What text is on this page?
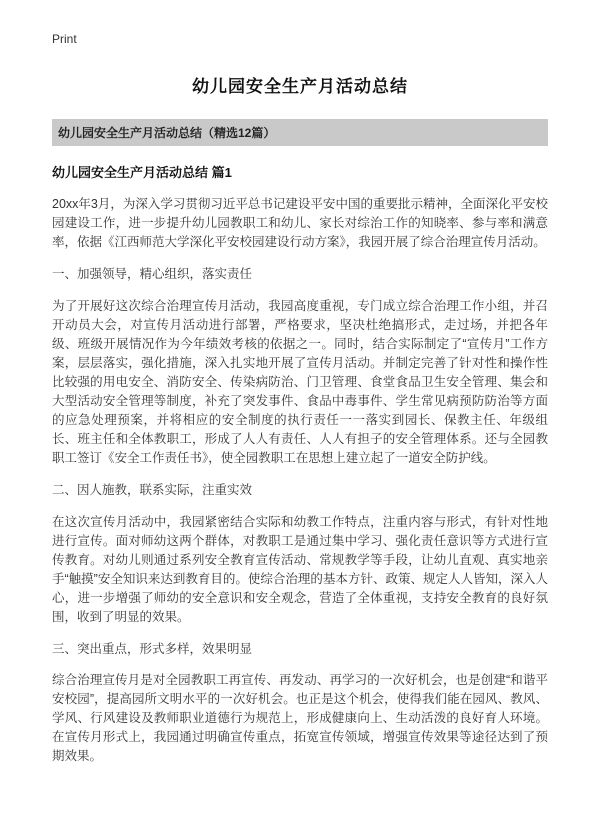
Print
幼儿园安全生产月活动总结
幼儿园安全生产月活动总结（精选12篇）
幼儿园安全生产月活动总结 篇1

20xx年3月，为深入学习贯彻习近平总书记建设平安中国的重要批示精神，全面深化平安校园建设工作，进一步提升幼儿园教职工和幼儿、家长对综治工作的知晓率、参与率和满意率，依据《江西师范大学深化平安校园建设行动方案》，我园开展了综合治理宣传月活动。

一、加强领导，精心组织，落实责任

为了开展好这次综合治理宣传月活动，我园高度重视，专门成立综合治理工作小组，并召开动员大会，对宣传月活动进行部署，严格要求，坚决杜绝搞形式，走过场，并把各年级、班级开展情况作为今年绩效考核的依据之一。同时，结合实际制定了“宣传月”工作方案，层层落实，强化措施，深入扎实地开展了宣传月活动。并制定完善了针对性和操作性比较强的用电安全、消防安全、传染病防治、门卫管理、食堂食品卫生安全管理、集会和大型活动安全管理等制度，补充了突发事件、食品中毒事件、学生常见病预防防治等方面的应急处理预案，并将相应的安全制度的执行责任一一落实到园长、保教主任、年级组长、班主任和全体教职工，形成了人人有责任、人人有担子的安全管理体系。还与全园教职工签订《安全工作责任书》，使全园教职工在思想上建立起了一道安全防护线。

二、因人施教，联系实际，注重实效

在这次宣传月活动中，我园紧密结合实际和幼教工作特点，注重内容与形式，有针对性地进行宣传。面对师幼这两个群体，对教职工是通过集中学习、强化责任意识等方式进行宣传教育。对幼儿则通过系列安全教育宣传活动、常规教学等手段，让幼儿直观、真实地亲手“触摸”安全知识来达到教育目的。使综合治理的基本方针、政策、规定人人皆知，深入人心，进一步增强了师幼的安全意识和安全观念，营造了全体重视，支持安全教育的良好氛围，收到了明显的效果。

三、突出重点，形式多样，效果明显

综合治理宣传月是对全园教职工再宣传、再发动、再学习的一次好机会，也是创建“和谐平安校园”，提高园所文明水平的一次好机会。也正是这个机会，使得我们能在园风、教风、学风、行风建设及教师职业道德行为规范上，形成健康向上、生动活泼的良好育人环境。在宣传月形式上，我园通过明确宣传重点，拓宽宣传领域，增强宣传效果等途径达到了预期效果。
